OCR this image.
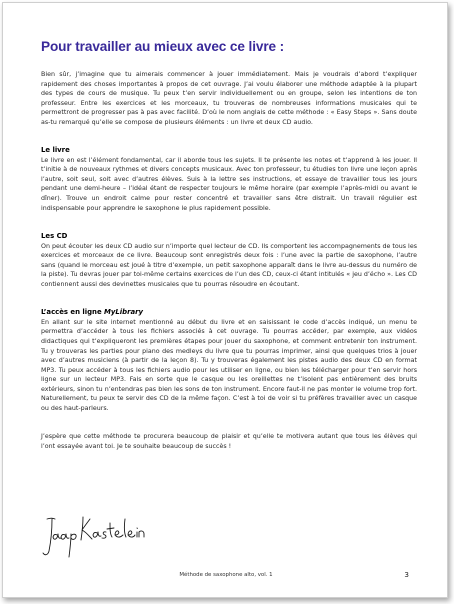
Pour travailler au mieux avec ce livre :

Bien sûr, j’imagine que tu aimerais commencer à jouer immédiatement. Mais je voudrais d’abord t’expliquer rapidement des choses importantes à propos de cet ouvrage. J’ai voulu élaborer une méthode adaptée à la plupart des types de cours de musique. Tu peux t’en servir individuellement ou en groupe, selon les intentions de ton professeur. Entre les exercices et les morceaux, tu trouveras de nombreuses informations musicales qui te permettront de progresser pas à pas avec facilité. D’où le nom anglais de cette méthode : « Easy Steps ». Sans doute as-tu remarqué qu’elle se compose de plusieurs éléments : un livre et deux CD audio.

Le livre

Le livre en est l’élément fondamental, car il aborde tous les sujets. Il te présente les notes et t’apprend à les jouer. Il t’initie à de nouveaux rythmes et divers concepts musicaux. Avec ton professeur, tu étudies ton livre une leçon après l’autre, soit seul, soit avec d’autres élèves. Suis à la lettre ses instructions, et essaye de travailler tous les jours pendant une demi-heure – l’idéal étant de respecter toujours le même horaire (par exemple l’après-midi ou avant le dîner). Trouve un endroit calme pour rester concentré et travailler sans être distrait. Un travail régulier est indispensable pour apprendre le saxophone le plus rapidement possible.

Les CD

On peut écouter les deux CD audio sur n’importe quel lecteur de CD. Ils comportent les accompagnements de tous les exercices et morceaux de ce livre. Beaucoup sont enregistrés deux fois : l’une avec la partie de saxophone, l’autre sans (quand le morceau est joué à titre d’exemple, un petit saxophone apparaît dans le livre au-dessus du numéro de la piste). Tu devras jouer par toi-même certains exercices de l’un des CD, ceux-ci étant intitulés « jeu d’écho ». Les CD contiennent aussi des devinettes musicales que tu pourras résoudre en écoutant.

L’accès en ligne MyLibrary

En allant sur le site internet mentionné au début du livre et en saisissant le code d’accès indiqué, un menu te permettra d’accéder à tous les fichiers associés à cet ouvrage. Tu pourras accéder, par exemple, aux vidéos didactiques qui t’expliqueront les premières étapes pour jouer du saxophone, et comment entretenir ton instrument. Tu y trouveras les parties pour piano des medleys du livre que tu pourras imprimer, ainsi que quelques trios à jouer avec d’autres musiciens (à partir de la leçon 8). Tu y trouveras également les pistes audio des deux CD en format MP3. Tu peux accéder à tous les fichiers audio pour les utiliser en ligne, ou bien les télécharger pour t’en servir hors ligne sur un lecteur MP3. Fais en sorte que le casque ou les oreillettes ne t’isolent pas entièrement des bruits extérieurs, sinon tu n’entendras pas bien les sons de ton instrument. Encore faut-il ne pas monter le volume trop fort. Naturellement, tu peux te servir des CD de la même façon. C’est à toi de voir si tu préfères travailler avec un casque ou des haut-parleurs.

J’espère que cette méthode te procurera beaucoup de plaisir et qu’elle te motivera autant que tous les élèves qui l’ont essayée avant toi. Je te souhaite beaucoup de succès !

Méthode de saxophone alto, vol. 1	3
